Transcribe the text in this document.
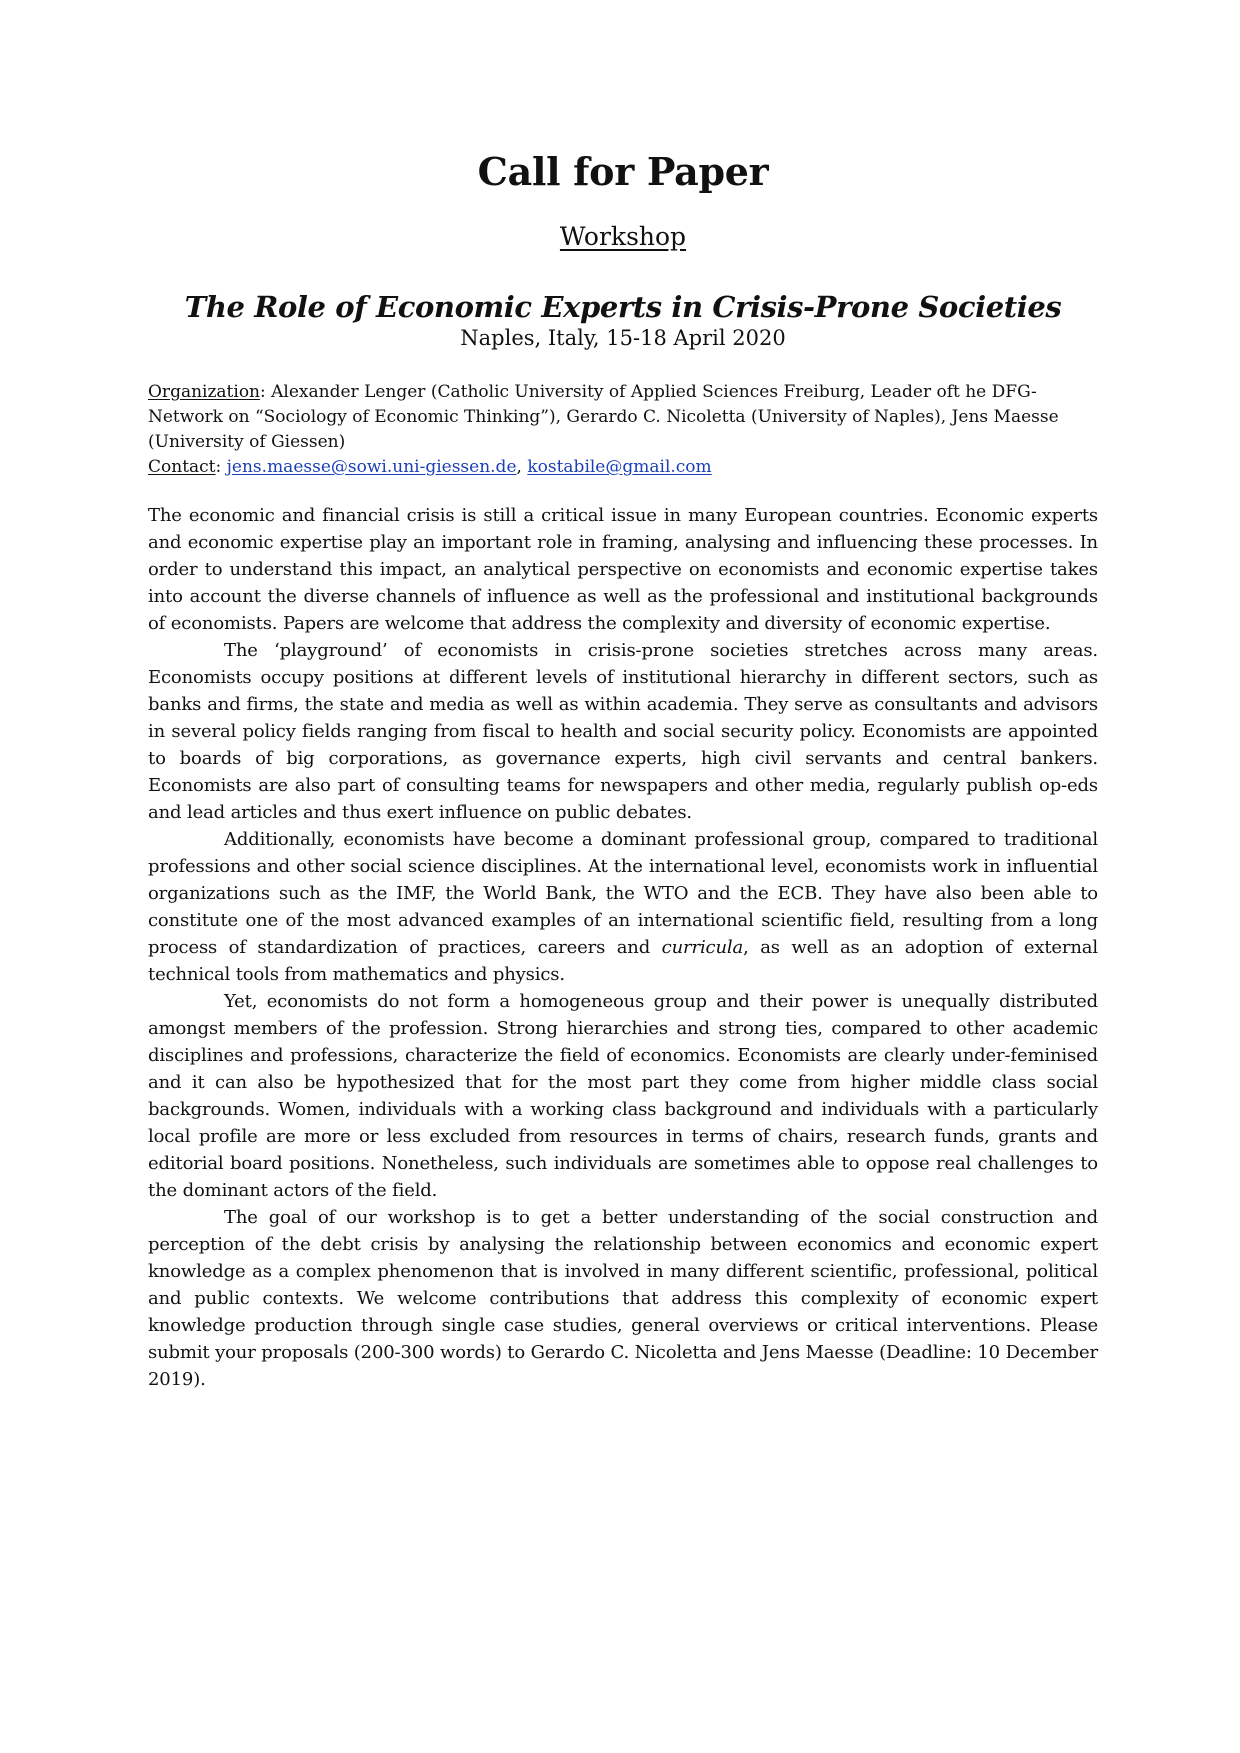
Call for Paper
Workshop
The Role of Economic Experts in Crisis-Prone Societies
Naples, Italy, 15-18 April 2020
Organization: Alexander Lenger (Catholic University of Applied Sciences Freiburg, Leader oft he DFG-Network on “Sociology of Economic Thinking”), Gerardo C. Nicoletta (University of Naples), Jens Maesse (University of Giessen)
Contact: jens.maesse@sowi.uni-giessen.de, kostabile@gmail.com

The economic and financial crisis is still a critical issue in many European countries. Economic experts and economic expertise play an important role in framing, analysing and influencing these processes. In order to understand this impact, an analytical perspective on economists and economic expertise takes into account the diverse channels of influence as well as the professional and institutional backgrounds of economists. Papers are welcome that address the complexity and diversity of economic expertise.

The ‘playground’ of economists in crisis-prone societies stretches across many areas. Economists occupy positions at different levels of institutional hierarchy in different sectors, such as banks and firms, the state and media as well as within academia. They serve as consultants and advisors in several policy fields ranging from fiscal to health and social security policy. Economists are appointed to boards of big corporations, as governance experts, high civil servants and central bankers. Economists are also part of consulting teams for newspapers and other media, regularly publish op-eds and lead articles and thus exert influence on public debates.

Additionally, economists have become a dominant professional group, compared to traditional professions and other social science disciplines. At the international level, economists work in influential organizations such as the IMF, the World Bank, the WTO and the ECB. They have also been able to constitute one of the most advanced examples of an international scientific field, resulting from a long process of standardization of practices, careers and curricula, as well as an adoption of external technical tools from mathematics and physics.

Yet, economists do not form a homogeneous group and their power is unequally distributed amongst members of the profession. Strong hierarchies and strong ties, compared to other academic disciplines and professions, characterize the field of economics. Economists are clearly under-feminised and it can also be hypothesized that for the most part they come from higher middle class social backgrounds. Women, individuals with a working class background and individuals with a particularly local profile are more or less excluded from resources in terms of chairs, research funds, grants and editorial board positions. Nonetheless, such individuals are sometimes able to oppose real challenges to the dominant actors of the field.

The goal of our workshop is to get a better understanding of the social construction and perception of the debt crisis by analysing the relationship between economics and economic expert knowledge as a complex phenomenon that is involved in many different scientific, professional, political and public contexts. We welcome contributions that address this complexity of economic expert knowledge production through single case studies, general overviews or critical interventions. Please submit your proposals (200-300 words) to Gerardo C. Nicoletta and Jens Maesse (Deadline: 10 December 2019).
